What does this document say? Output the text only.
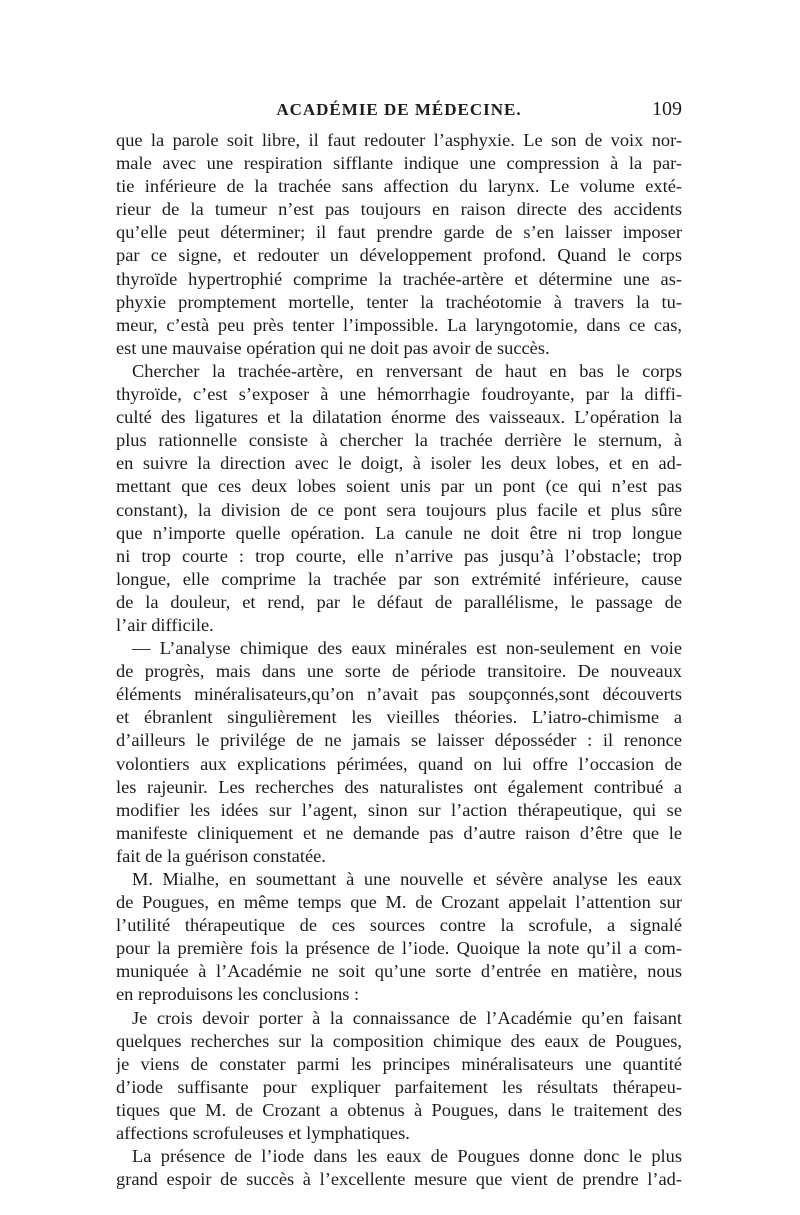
ACADÉMIE DE MÉDECINE.	109
que la parole soit libre, il faut redouter l’asphyxie. Le son de voix nor-
male avec une respiration sifflante indique une compression à la par-
tie inférieure de la trachée sans affection du larynx. Le volume exté-
rieur de la tumeur n’est pas toujours en raison directe des accidents
qu’elle peut déterminer; il faut prendre garde de s’en laisser imposer
par ce signe, et redouter un développement profond. Quand le corps
thyroïde hypertrophié comprime la trachée-artère et détermine une as-
phyxie promptement mortelle, tenter la trachéotomie à travers la tu-
meur, c’està peu près tenter l’impossible. La laryngotomie, dans ce cas,
est une mauvaise opération qui ne doit pas avoir de succès.
Chercher la trachée-artère, en renversant de haut en bas le corps
thyroïde, c’est s’exposer à une hémorrhagie foudroyante, par la diffi-
culté des ligatures et la dilatation énorme des vaisseaux. L’opération la
plus rationnelle consiste à chercher la trachée derrière le sternum, à
en suivre la direction avec le doigt, à isoler les deux lobes, et en ad-
mettant que ces deux lobes soient unis par un pont (ce qui n’est pas
constant), la division de ce pont sera toujours plus facile et plus sûre
que n’importe quelle opération. La canule ne doit être ni trop longue
ni trop courte : trop courte, elle n’arrive pas jusqu’à l’obstacle; trop
longue, elle comprime la trachée par son extrémité inférieure, cause
de la douleur, et rend, par le défaut de parallélisme, le passage de
l’air difficile.
— L’analyse chimique des eaux minérales est non-seulement en voie
de progrès, mais dans une sorte de période transitoire. De nouveaux
éléments minéralisateurs,qu’on n’avait pas soupçonnés,sont découverts
et ébranlent singulièrement les vieilles théories. L’iatro-chimisme a
d’ailleurs le privilége de ne jamais se laisser déposséder : il renonce
volontiers aux explications périmées, quand on lui offre l’occasion de
les rajeunir. Les recherches des naturalistes ont également contribué a
modifier les idées sur l’agent, sinon sur l’action thérapeutique, qui se
manifeste cliniquement et ne demande pas d’autre raison d’être que le
fait de la guérison constatée.
M. Mialhe, en soumettant à une nouvelle et sévère analyse les eaux
de Pougues, en même temps que M. de Crozant appelait l’attention sur
l’utilité thérapeutique de ces sources contre la scrofule, a signalé
pour la première fois la présence de l’iode. Quoique la note qu’il a com-
muniquée à l’Académie ne soit qu’une sorte d’entrée en matière, nous
en reproduisons les conclusions :
Je crois devoir porter à la connaissance de l’Académie qu’en faisant
quelques recherches sur la composition chimique des eaux de Pougues,
je viens de constater parmi les principes minéralisateurs une quantité
d’iode suffisante pour expliquer parfaitement les résultats thérapeu-
tiques que M. de Crozant a obtenus à Pougues, dans le traitement des
affections scrofuleuses et lymphatiques.
La présence de l’iode dans les eaux de Pougues donne donc le plus
grand espoir de succès à l’excellente mesure que vient de prendre l’ad-
